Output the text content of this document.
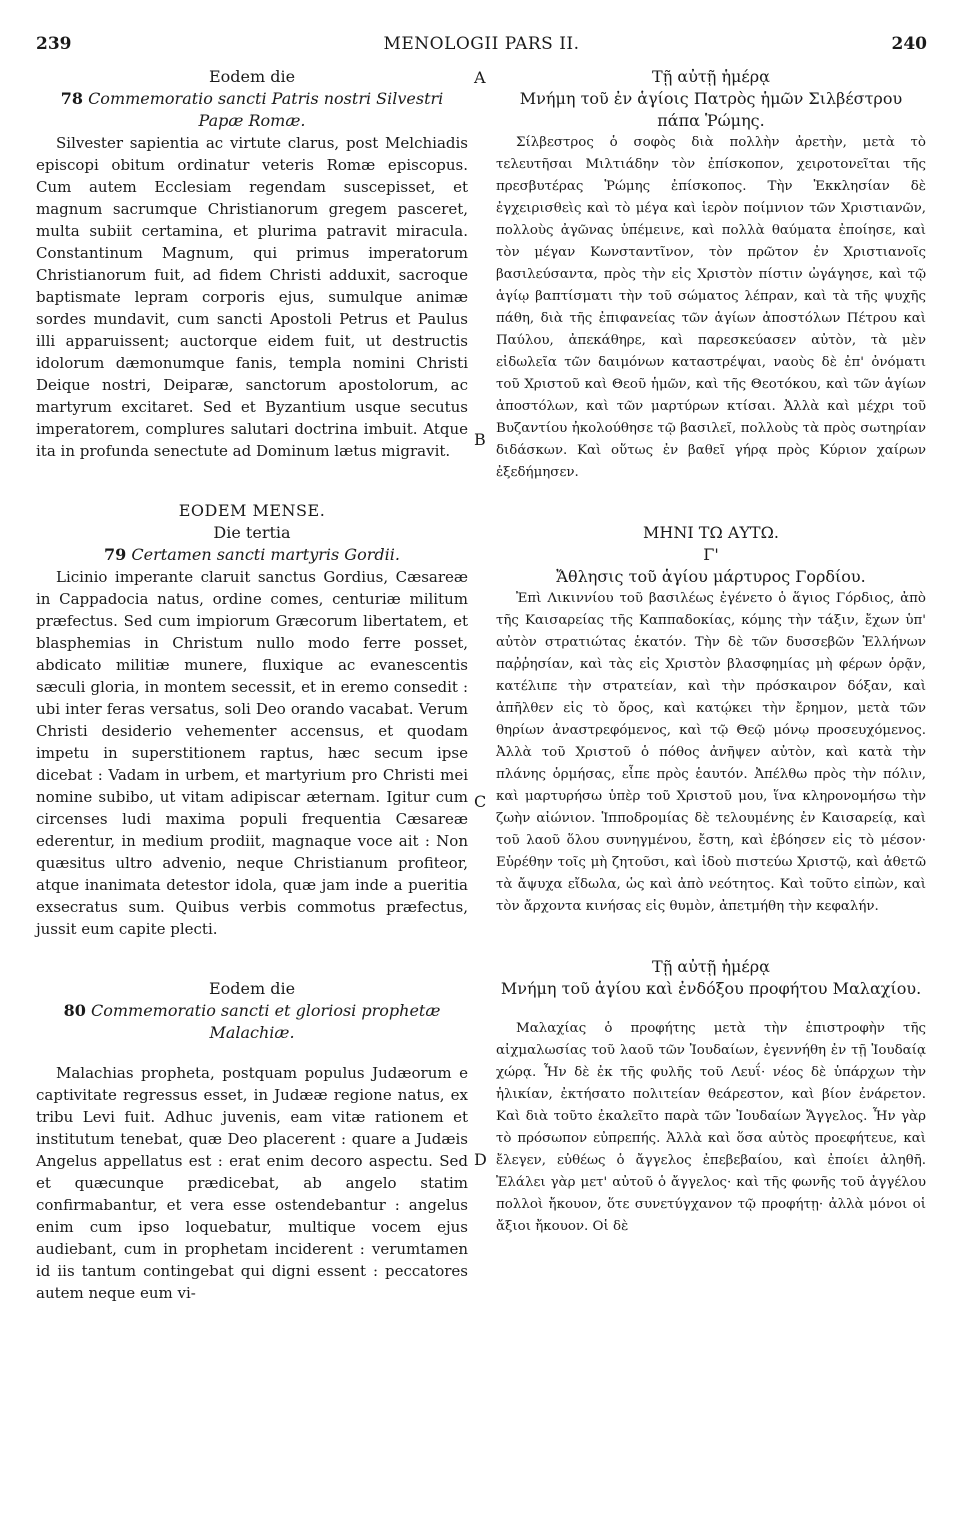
239	MENOLOGII PARS II.	240
A
B
C
D

Eodem die

78 Commemoratio sancti Patris nostri Silvestri Papæ Romæ.

Silvester sapientia ac virtute clarus, post Melchiadis episcopi obitum ordinatur veteris Romæ episcopus. Cum autem Ecclesiam regendam suscepisset, et magnum sacrumque Christianorum gregem pasceret, multa subiit certamina, et plurima patravit miracula. Constantinum Magnum, qui primus imperatorum Christianorum fuit, ad fidem Christi adduxit, sacroque baptismate lepram corporis ejus, sumulque animæ sordes mundavit, cum sancti Apostoli Petrus et Paulus illi apparuissent; auctorque eidem fuit, ut destructis idolorum dæmonumque fanis, templa nomini Christi Deique nostri, Deiparæ, sanctorum apostolorum, ac martyrum excitaret. Sed et Byzantium usque secutus imperatorem, complures salutari doctrina imbuit. Atque ita in profunda senectute ad Dominum lætus migravit.

EODEM MENSE.

Die tertia

79 Certamen sancti martyris Gordii.

Licinio imperante claruit sanctus Gordius, Cæsareæ in Cappadocia natus, ordine comes, centuriæ militum præfectus. Sed cum impiorum Græcorum libertatem, et blasphemias in Christum nullo modo ferre posset, abdicato militiæ munere, fluxique ac evanescentis sæculi gloria, in montem secessit, et in eremo consedit : ubi inter feras versatus, soli Deo orando vacabat. Verum Christi desiderio vehementer accensus, et quodam impetu in superstitionem raptus, hæc secum ipse dicebat : Vadam in urbem, et martyrium pro Christi mei nomine subibo, ut vitam adipiscar æternam. Igitur cum circenses ludi maxima populi frequentia Cæsareæ ederentur, in medium prodiit, magnaque voce ait : Non quæsitus ultro advenio, neque Christianum profiteor, atque inanimata detestor idola, quæ jam inde a pueritia exsecratus sum. Quibus verbis commotus præfectus, jussit eum capite plecti.

Eodem die

80 Commemoratio sancti et gloriosi prophetæ Malachiæ.

Malachias propheta, postquam populus Judæorum e captivitate regressus esset, in Judææ regione natus, ex tribu Levi fuit. Adhuc juvenis, eam vitæ rationem et institutum tenebat, quæ Deo placerent : quare a Judæis Angelus appellatus est : erat enim decoro aspectu. Sed et quæcunque prædicebat, ab angelo statim confirmabantur, et vera esse ostendebantur : angelus enim cum ipso loquebatur, multique vocem ejus audiebant, cum in prophetam inciderent : verumtamen id iis tantum contingebat qui digni essent : peccatores autem neque eum vi-

Τῇ αὐτῇ ἡμέρᾳ

Μνήμη τοῦ ἐν ἁγίοις Πατρὸς ἡμῶν Σιλβέστρου πάπα Ῥώμης.

Σίλβεστρος ὁ σοφὸς διὰ πολλὴν ἀρετὴν, μετὰ τὸ τελευτῆσαι Μιλτιάδην τὸν ἐπίσκοπον, χειροτονεῖται τῆς πρεσβυτέρας Ῥώμης ἐπίσκοπος. Τὴν Ἐκκλησίαν δὲ ἐγχειρισθεὶς καὶ τὸ μέγα καὶ ἱερὸν ποίμνιον τῶν Χριστιανῶν, πολλοὺς ἀγῶνας ὑπέμεινε, καὶ πολλὰ θαύματα ἐποίησε, καὶ τὸν μέγαν Κωνσταντῖνον, τὸν πρῶτον ἐν Χριστιανοῖς βασιλεύσαντα, πρὸς τὴν εἰς Χριστὸν πίστιν ὠγάγησε, καὶ τῷ ἁγίῳ βαπτίσματι τὴν τοῦ σώματος λέπραν, καὶ τὰ τῆς ψυχῆς πάθη, διὰ τῆς ἐπιφανείας τῶν ἁγίων ἀποστόλων Πέτρου καὶ Παύλου, ἀπεκάθηρε, καὶ παρεσκεύασεν αὐτὸν, τὰ μὲν εἰδωλεῖα τῶν δαιμόνων καταστρέψαι, ναοὺς δὲ ἐπ' ὀνόματι τοῦ Χριστοῦ καὶ Θεοῦ ἡμῶν, καὶ τῆς Θεοτόκου, καὶ τῶν ἁγίων ἀποστόλων, καὶ τῶν μαρτύρων κτίσαι. Ἀλλὰ καὶ μέχρι τοῦ Βυζαντίου ἠκολούθησε τῷ βασιλεῖ, πολλοὺς τὰ πρὸς σωτηρίαν διδάσκων. Καὶ οὕτως ἐν βαθεῖ γήρᾳ πρὸς Κύριον χαίρων ἐξεδήμησεν.

ΜΗΝΙ ΤΩ ΑΥΤΩ.

Γ'

Ἄθλησις τοῦ ἁγίου μάρτυρος Γορδίου.

Ἐπὶ Λικιννίου τοῦ βασιλέως ἐγένετο ὁ ἅγιος Γόρδιος, ἀπὸ τῆς Καισαρείας τῆς Καππαδοκίας, κόμης τὴν τάξιν, ἔχων ὑπ' αὐτὸν στρατιώτας ἑκατόν. Τὴν δὲ τῶν δυσσεβῶν Ἑλλήνων παῤῥησίαν, καὶ τὰς εἰς Χριστὸν βλασφημίας μὴ φέρων ὁρᾷν, κατέλιπε τὴν στρατείαν, καὶ τὴν πρόσκαιρον δόξαν, καὶ ἀπῆλθεν εἰς τὸ ὄρος, καὶ κατῴκει τὴν ἔρημον, μετὰ τῶν θηρίων ἀναστρεφόμενος, καὶ τῷ Θεῷ μόνῳ προσευχόμενος. Ἀλλὰ τοῦ Χριστοῦ ὁ πόθος ἀνῆψεν αὐτὸν, καὶ κατὰ τὴν πλάνης ὁρμήσας, εἶπε πρὸς ἑαυτόν. Ἀπέλθω πρὸς τὴν πόλιν, καὶ μαρτυρήσω ὑπὲρ τοῦ Χριστοῦ μου, ἵνα κληρονομήσω τὴν ζωὴν αἰώνιον. Ἱπποδρομίας δὲ τελουμένης ἐν Καισαρείᾳ, καὶ τοῦ λαοῦ ὅλου συνηγμένου, ἔστη, καὶ ἐβόησεν εἰς τὸ μέσον· Εὑρέθην τοῖς μὴ ζητοῦσι, καὶ ἰδοὺ πιστεύω Χριστῷ, καὶ ἀθετῶ τὰ ἄψυχα εἴδωλα, ὡς καὶ ἀπὸ νεότητος. Καὶ τοῦτο εἰπὼν, καὶ τὸν ἄρχοντα κινήσας εἰς θυμὸν, ἀπετμήθη τὴν κεφαλήν.

Τῇ αὐτῇ ἡμέρᾳ

Μνήμη τοῦ ἁγίου καὶ ἐνδόξου προφήτου Μαλαχίου.

Μαλαχίας ὁ προφήτης μετὰ τὴν ἐπιστροφὴν τῆς αἰχμαλωσίας τοῦ λαοῦ τῶν Ἰουδαίων, ἐγεννήθη ἐν τῇ Ἰουδαίᾳ χώρᾳ. Ἦν δὲ ἐκ τῆς φυλῆς τοῦ Λευΐ· νέος δὲ ὑπάρχων τὴν ἡλικίαν, ἐκτήσατο πολιτείαν θεάρεστον, καὶ βίον ἐνάρετον. Καὶ διὰ τοῦτο ἐκαλεῖτο παρὰ τῶν Ἰουδαίων Ἄγγελος. Ἦν γὰρ τὸ πρόσωπον εὐπρεπής. Ἀλλὰ καὶ ὅσα αὐτὸς προεφήτευε, καὶ ἔλεγεν, εὐθέως ὁ ἄγγελος ἐπεβεβαίου, καὶ ἐποίει ἀληθῆ. Ἐλάλει γὰρ μετ' αὐτοῦ ὁ ἄγγελος· καὶ τῆς φωνῆς τοῦ ἀγγέλου πολλοὶ ἤκουον, ὅτε συνετύγχανον τῷ προφήτῃ· ἀλλὰ μόνοι οἱ ἄξιοι ἤκουον. Οἱ δὲ
